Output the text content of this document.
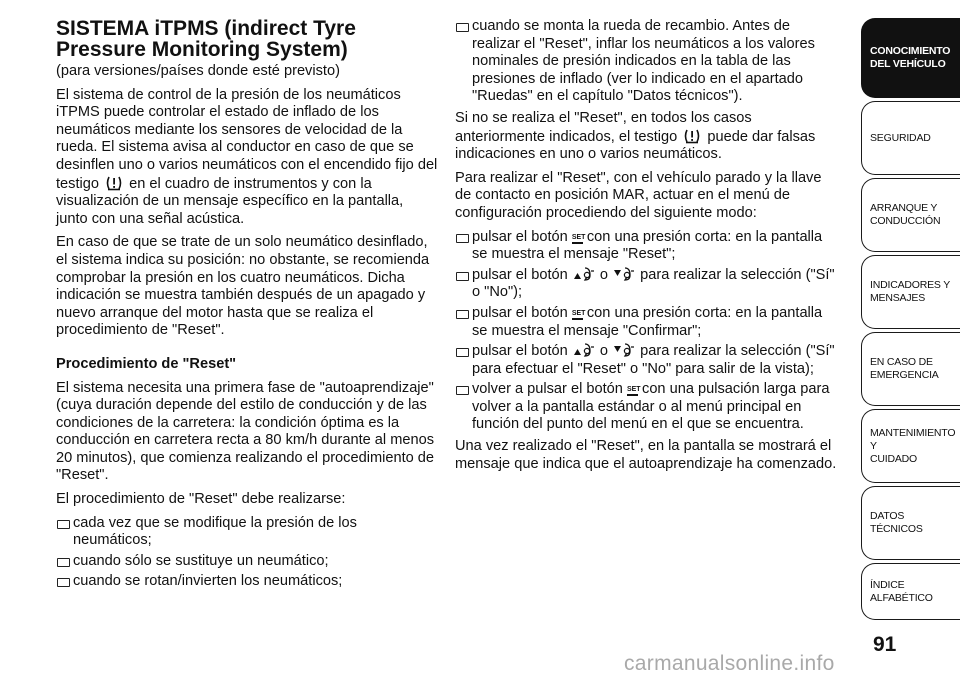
SISTEMA iTPMS (indirect Tyre
Pressure Monitoring System)
(para versiones/países donde esté previsto)

El sistema de control de la presión de los neumáticos iTPMS puede controlar el estado de inflado de los neumáticos mediante los sensores de velocidad de la rueda. El sistema avisa al conductor en caso de que se desinflen uno o varios neumáticos con el encendido fijo del testigo en el cuadro de instrumentos y con la visualización de un mensaje específico en la pantalla, junto con una señal acústica.

En caso de que se trate de un solo neumático desinflado, el sistema indica su posición: no obstante, se recomienda comprobar la presión en los cuatro neumáticos. Dicha indicación se muestra también después de un apagado y nuevo arranque del motor hasta que se realiza el procedimiento de "Reset".

Procedimiento de "Reset"

El sistema necesita una primera fase de "autoaprendizaje" (cuya duración depende del estilo de conducción y de las condiciones de la carretera: la condición óptima es la conducción en carretera recta a 80 km/h durante al menos 20 minutos), que comienza realizando el procedimiento de "Reset".

El procedimiento de "Reset" debe realizarse:

cada vez que se modifique la presión de los neumáticos;
cuando sólo se sustituye un neumático;
cuando se rotan/invierten los neumáticos;
cuando se monta la rueda de recambio. Antes de realizar el "Reset", inflar los neumáticos a los valores nominales de presión indicados en la tabla de las presiones de inflado (ver lo indicado en el apartado "Ruedas" en el capítulo "Datos técnicos").

Si no se realiza el "Reset", en todos los casos anteriormente indicados, el testigo puede dar falsas indicaciones en uno o varios neumáticos.

Para realizar el "Reset", con el vehículo parado y la llave de contacto en posición MAR, actuar en el menú de configuración procediendo del siguiente modo:

pulsar el botón SET con una presión corta: en la pantalla se muestra el mensaje "Reset";
pulsar el botón o para realizar la selección ("Sí" o "No");
pulsar el botón SET con una presión corta: en la pantalla se muestra el mensaje "Confirmar";
pulsar el botón o para realizar la selección ("Sí" para efectuar el "Reset" o "No" para salir de la vista);
volver a pulsar el botón SET con una pulsación larga para volver a la pantalla estándar o al menú principal en función del punto del menú en el que se encuentra.

Una vez realizado el "Reset", en la pantalla se mostrará el mensaje que indica que el autoaprendizaje ha comenzado.

CONOCIMIENTO
DEL VEHÍCULO
SEGURIDAD
ARRANQUE Y
CONDUCCIÓN
INDICADORES Y
MENSAJES
EN CASO DE
EMERGENCIA
MANTENIMIENTO Y
CUIDADO
DATOS TÉCNICOS
ÍNDICE ALFABÉTICO
91
carmanualsonline.info
